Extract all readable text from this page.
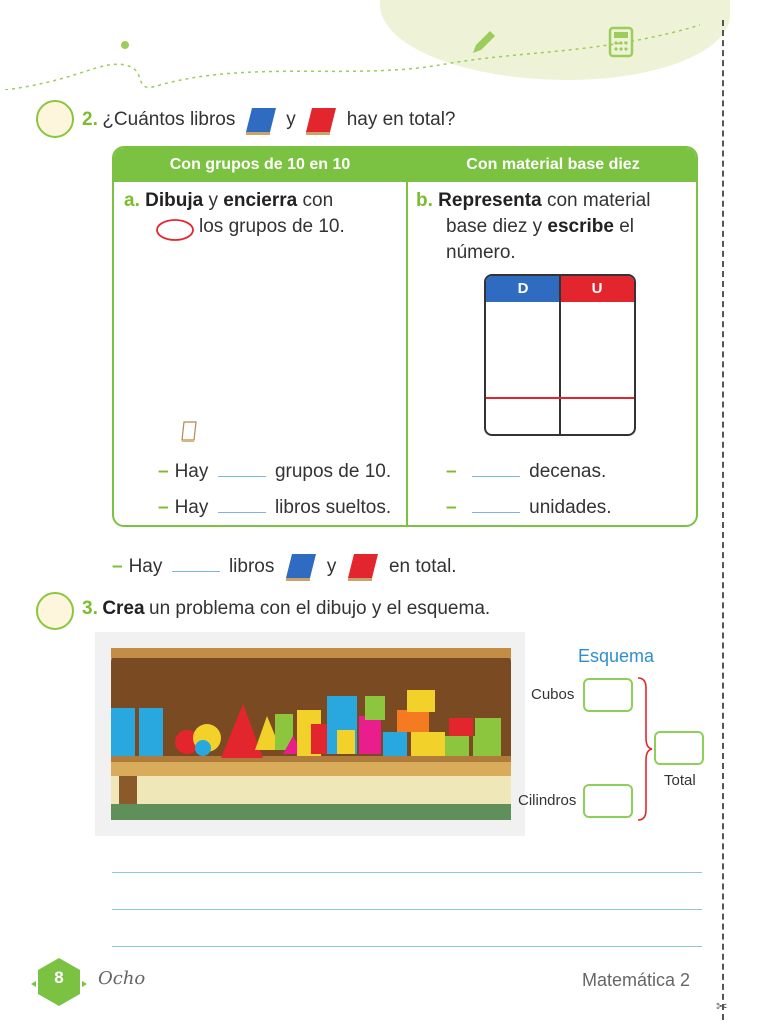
2. ¿Cuántos libros	y	hay en total?
Con grupos de 10 en 10	Con material base diez
a. Dibuja y encierra con
los grupos de 10.
b. Representa con material
base diez y escribe el
número.
D	U
– Hay	grupos de 10.
– Hay	libros sueltos.
–	decenas.
–	unidades.
– Hay	libros	y	en total.
3. Crea un problema con el dibujo y el esquema.
Esquema
Cubos
Cilindros
Total
8	Ocho	Matemática 2
✂
